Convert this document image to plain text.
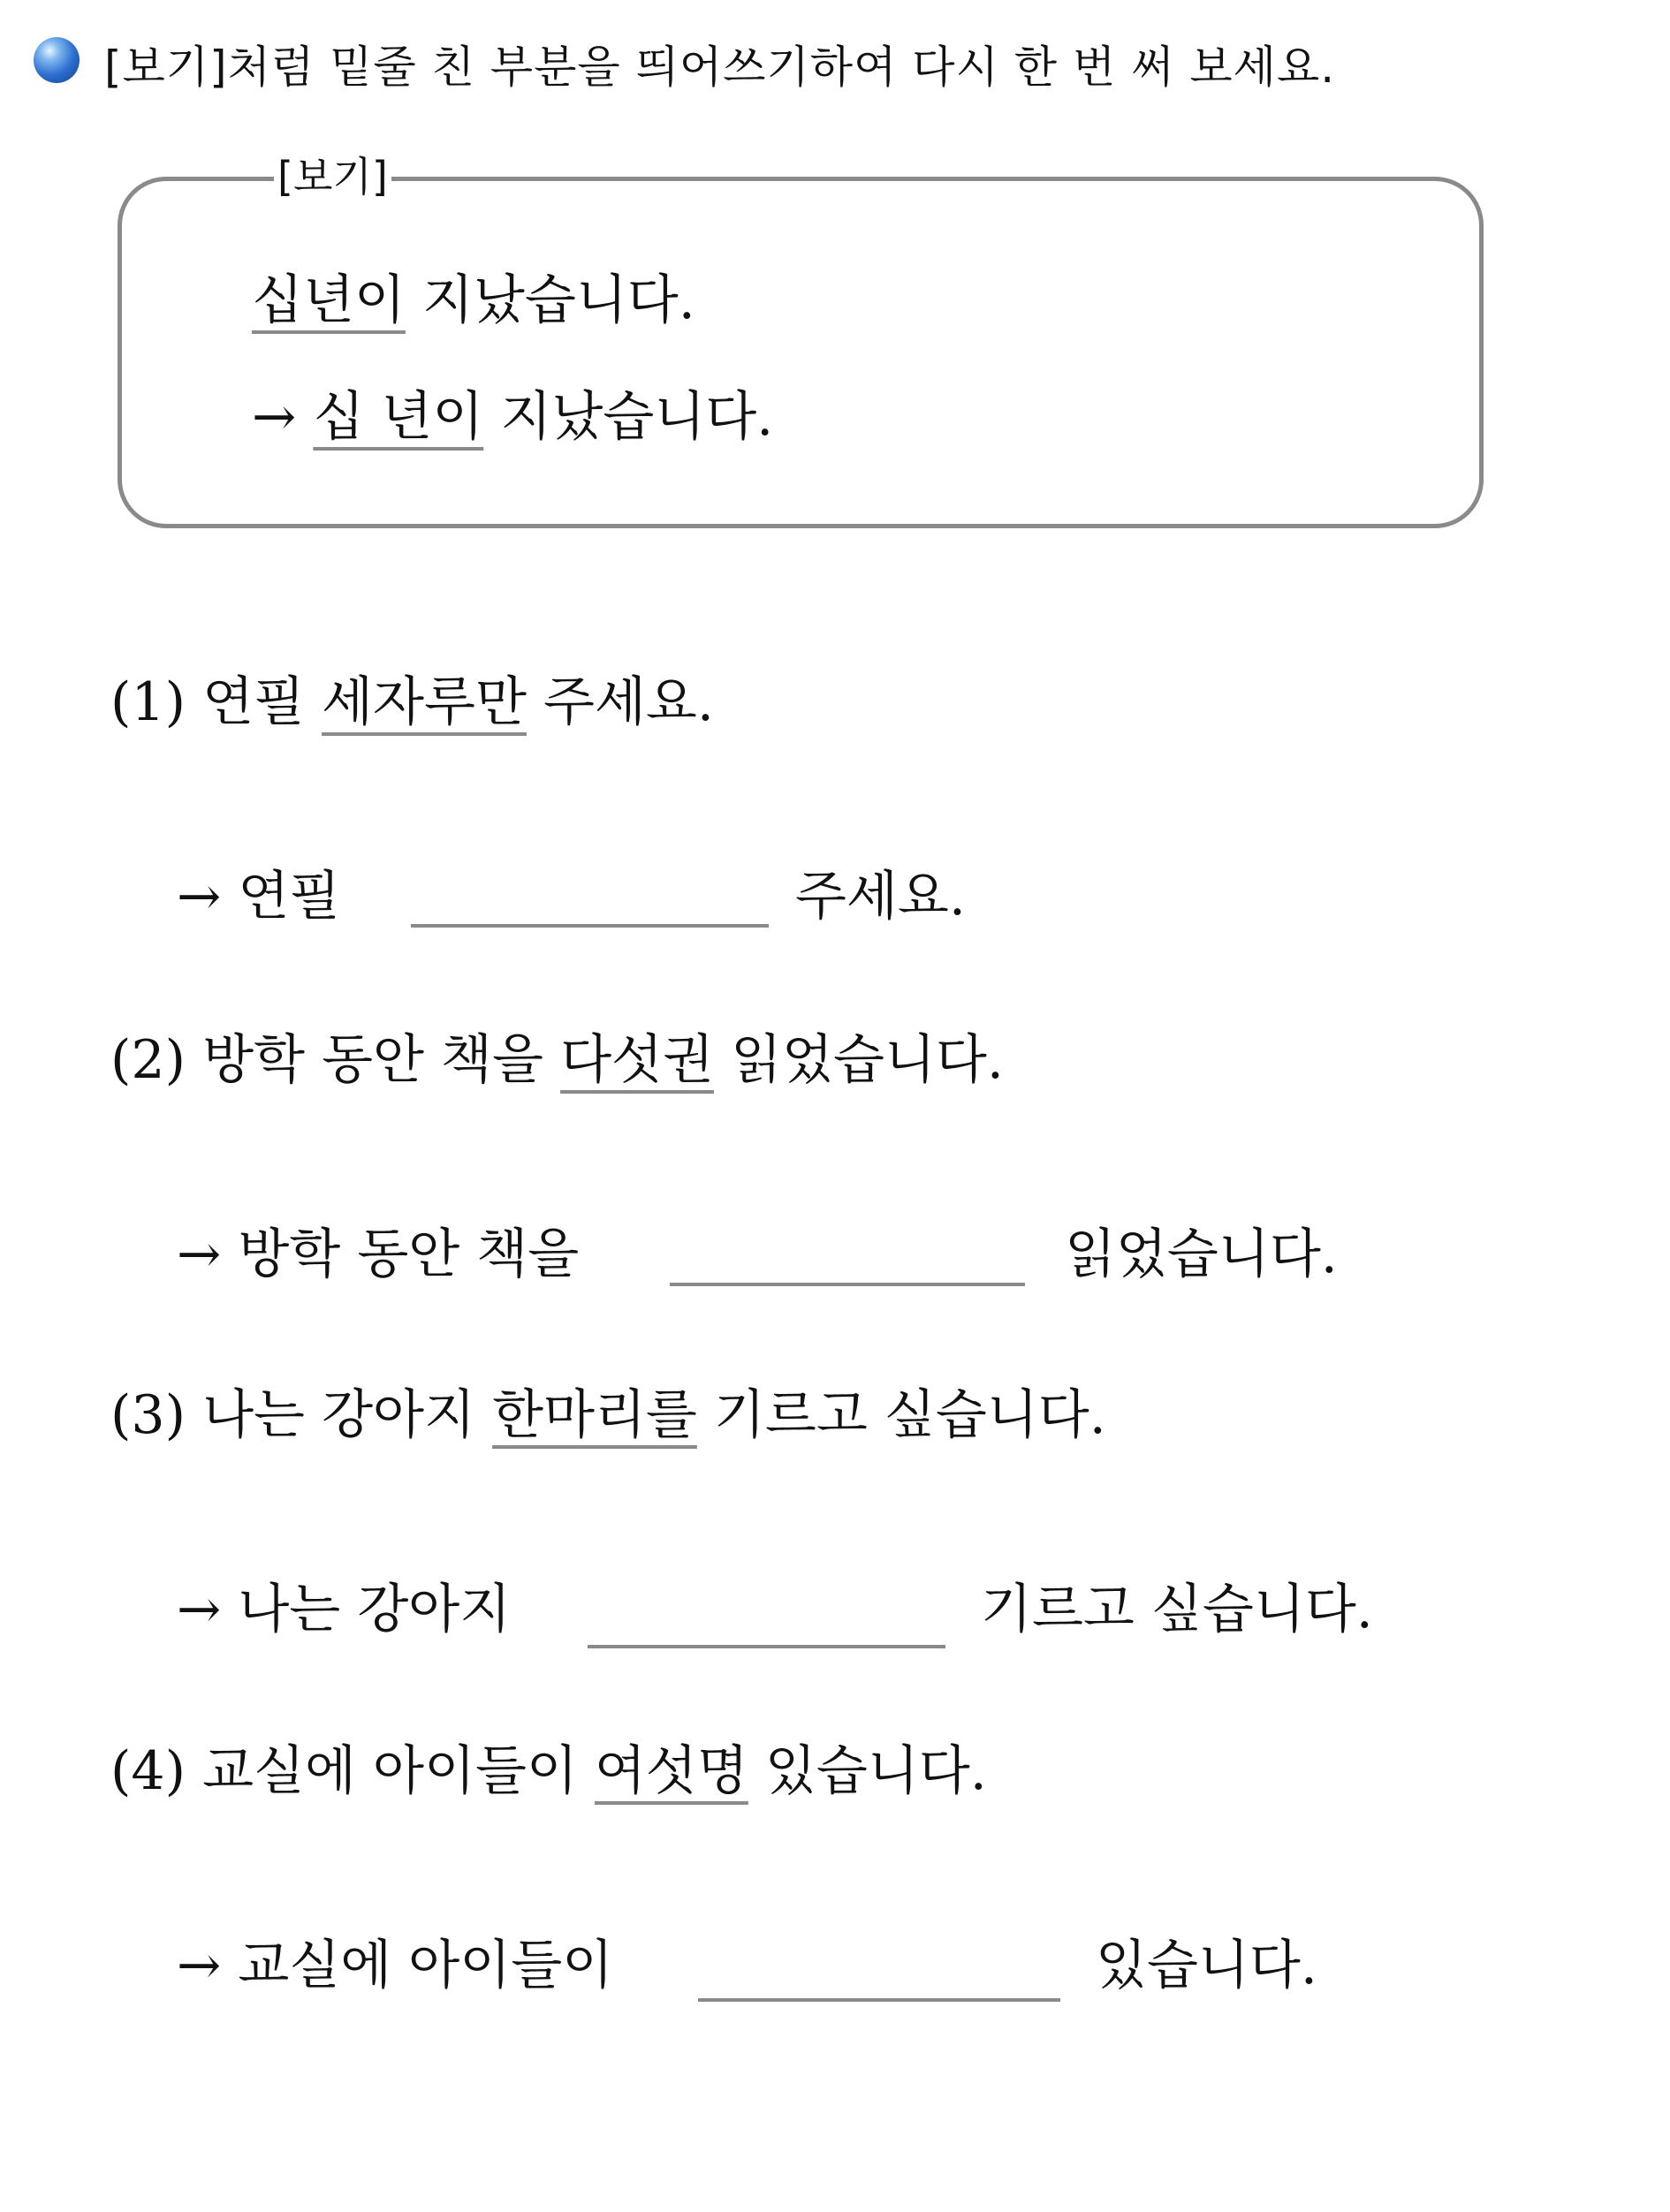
[보기]처럼 밑줄 친 부분을 띄어쓰기하여 다시 한 번 써 보세요.
[보기]
십년이 지났습니다.
→ 십 년이 지났습니다.
(1) 연필 세자루만 주세요.
→ 연필	주세요.
(2) 방학 동안 책을 다섯권 읽었습니다.
→ 방학 동안 책을	읽었습니다.
(3) 나는 강아지 한마리를 기르고 싶습니다.
→ 나는 강아지	기르고 싶습니다.
(4) 교실에 아이들이 여섯명 있습니다.
→ 교실에 아이들이	있습니다.
